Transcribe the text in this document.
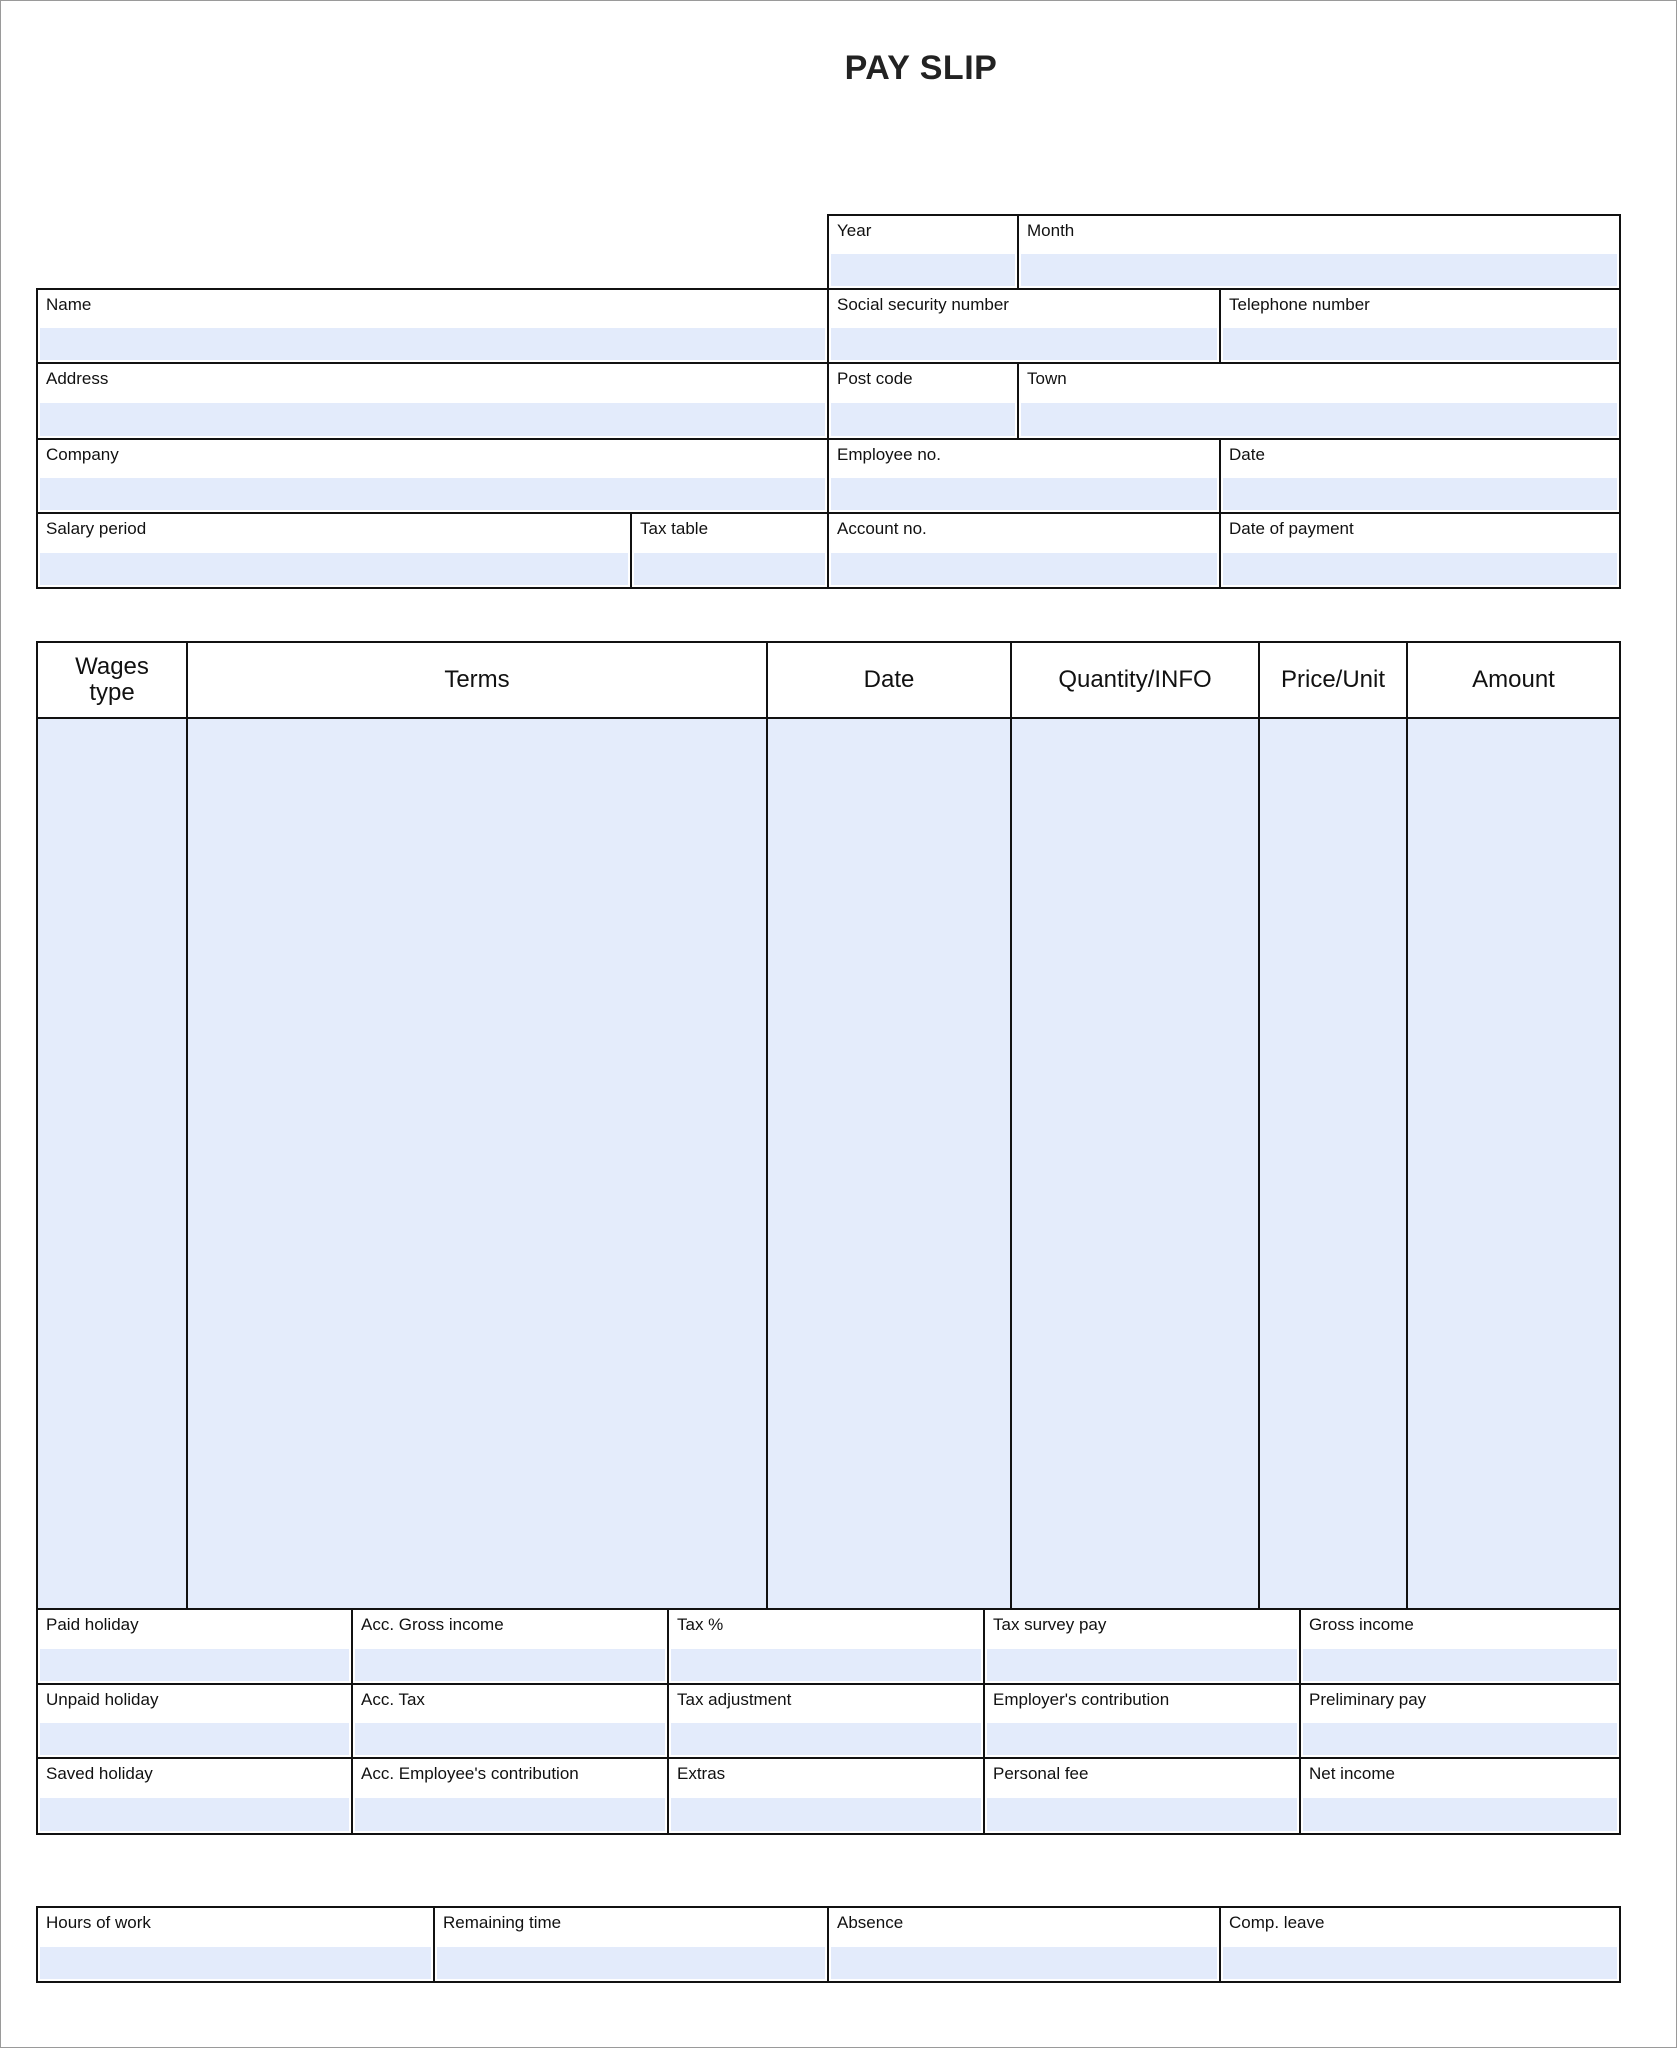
PAY SLIP
Year	Month
Name	Social security number	Telephone number
Address	Post code	Town
Company	Employee no.	Date
Salary period	Tax table	Account no.	Date of payment
Wages type	Terms	Date	Quantity/INFO	Price/Unit	Amount
Paid holiday	Acc. Gross income	Tax %	Tax survey pay	Gross income
Unpaid holiday	Acc. Tax	Tax adjustment	Employer's contribution	Preliminary pay
Saved holiday	Acc. Employee's contribution	Extras	Personal fee	Net income
Hours of work	Remaining time	Absence	Comp. leave
